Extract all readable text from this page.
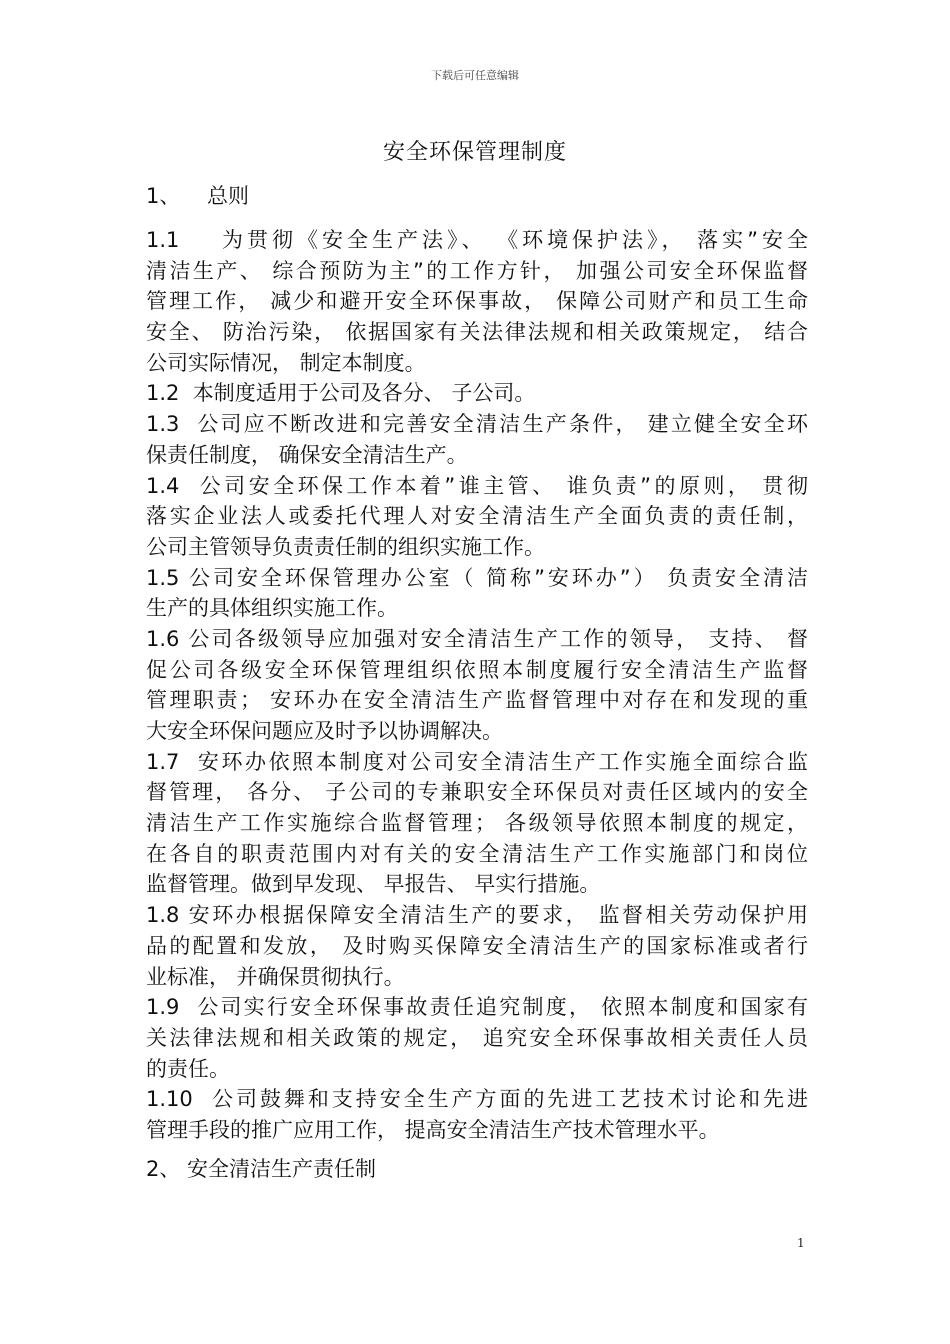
下载后可任意编辑
安全环保管理制度
1、    总则
1.1    为贯彻《安全生产法》、 《环境保护法》， 落实”安全
清洁生产、 综合预防为主”的工作方针， 加强公司安全环保监督
管理工作， 减少和避开安全环保事故， 保障公司财产和员工生命
安全、 防治污染， 依据国家有关法律法规和相关政策规定， 结合
公司实际情况， 制定本制度。
1.2  本制度适用于公司及各分、 子公司。
1.3  公司应不断改进和完善安全清洁生产条件， 建立健全安全环
保责任制度， 确保安全清洁生产。
1.4  公司安全环保工作本着”谁主管、 谁负责”的原则， 贯彻
落实企业法人或委托代理人对安全清洁生产全面负责的责任制，
公司主管领导负责责任制的组织实施工作。
1.5 公司安全环保管理办公室（ 简称”安环办”） 负责安全清洁
生产的具体组织实施工作。
1.6 公司各级领导应加强对安全清洁生产工作的领导， 支持、 督
促公司各级安全环保管理组织依照本制度履行安全清洁生产监督
管理职责； 安环办在安全清洁生产监督管理中对存在和发现的重
大安全环保问题应及时予以协调解决。
1.7  安环办依照本制度对公司安全清洁生产工作实施全面综合监
督管理， 各分、 子公司的专兼职安全环保员对责任区域内的安全
清洁生产工作实施综合监督管理； 各级领导依照本制度的规定，
在各自的职责范围内对有关的安全清洁生产工作实施部门和岗位
监督管理。做到早发现、 早报告、 早实行措施。
1.8 安环办根据保障安全清洁生产的要求， 监督相关劳动保护用
品的配置和发放， 及时购买保障安全清洁生产的国家标准或者行
业标准， 并确保贯彻执行。
1.9  公司实行安全环保事故责任追究制度， 依照本制度和国家有
关法律法规和相关政策的规定， 追究安全环保事故相关责任人员
的责任。
1.10  公司鼓舞和支持安全生产方面的先进工艺技术讨论和先进
管理手段的推广应用工作， 提高安全清洁生产技术管理水平。
2、 安全清洁生产责任制
1
